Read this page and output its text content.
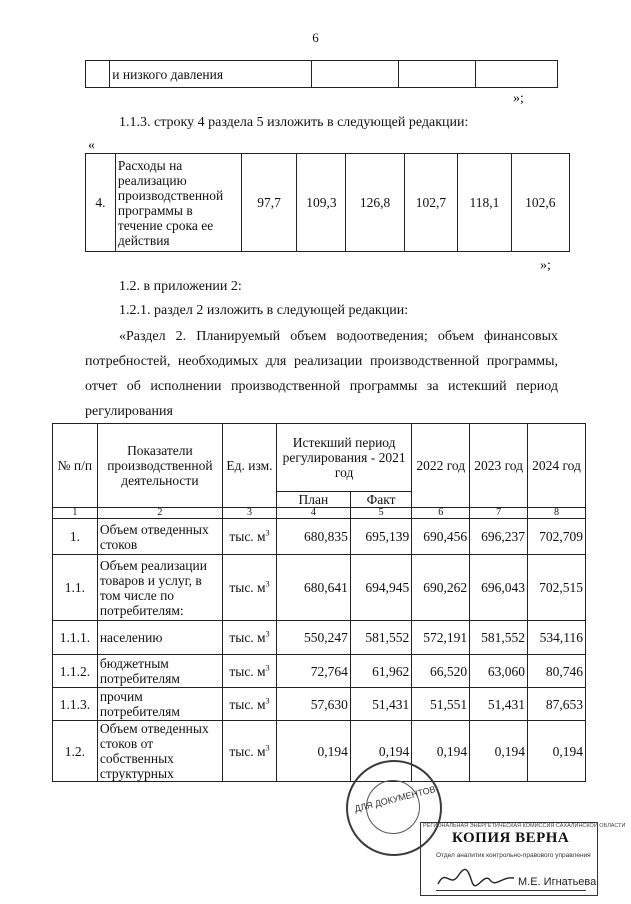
6
	и низкого давления			
»;
1.1.3. строку 4 раздела 5 изложить в следующей редакции:
«
4.	Расходы на реализацию производственной программы в течение срока ее действия	97,7	109,3	126,8	102,7	118,1	102,6
»;
1.2. в приложении 2:
1.2.1. раздел 2 изложить в следующей редакции:
«Раздел 2. Планируемый объем водоотведения; объем финансовых потребностей, необходимых для реализации производственной программы, отчет об исполнении производственной программы за истекший период регулирования
№ п/п	Показатели производственной деятельности	Ед. изм.	Истекший период регулирования - 2021 год		2022 год	2023 год	2024 год
			План	Факт			
1	2	3	4	5	6	7	8
1.	Объем отведенных стоков	тыс. $м^3$	680,835	695,139	690,456	696,237	702,709
1.1.	Объем реализации товаров и услуг, в том числе по потребителям:	тыс. $м^3$	680,641	694,945	690,262	696,043	702,515
1.1.1.	населению	тыс. $м^3$	550,247	581,552	572,191	581,552	534,116
1.1.2.	бюджетным потребителям	тыс. $м^3$	72,764	61,962	66,520	63,060	80,746
1.1.3.	прочим потребителям	тыс. $м^3$	57,630	51,431	51,551	51,431	87,653
1.2.	Объем отведенных стоков от собственных структурных	тыс. $м^3$	0,194	0,194	0,194	0,194	0,194
ДЛЯ ДОКУМЕНТОВ
РЕГИОНАЛЬНАЯ ЭНЕРГЕТИЧЕСКАЯ КОМИССИЯ САХАЛИНСКОЙ ОБЛАСТИ
КОПИЯ ВЕРНА
Отдел аналитик контрольно-правового управления
М.Е. Игнатьева
